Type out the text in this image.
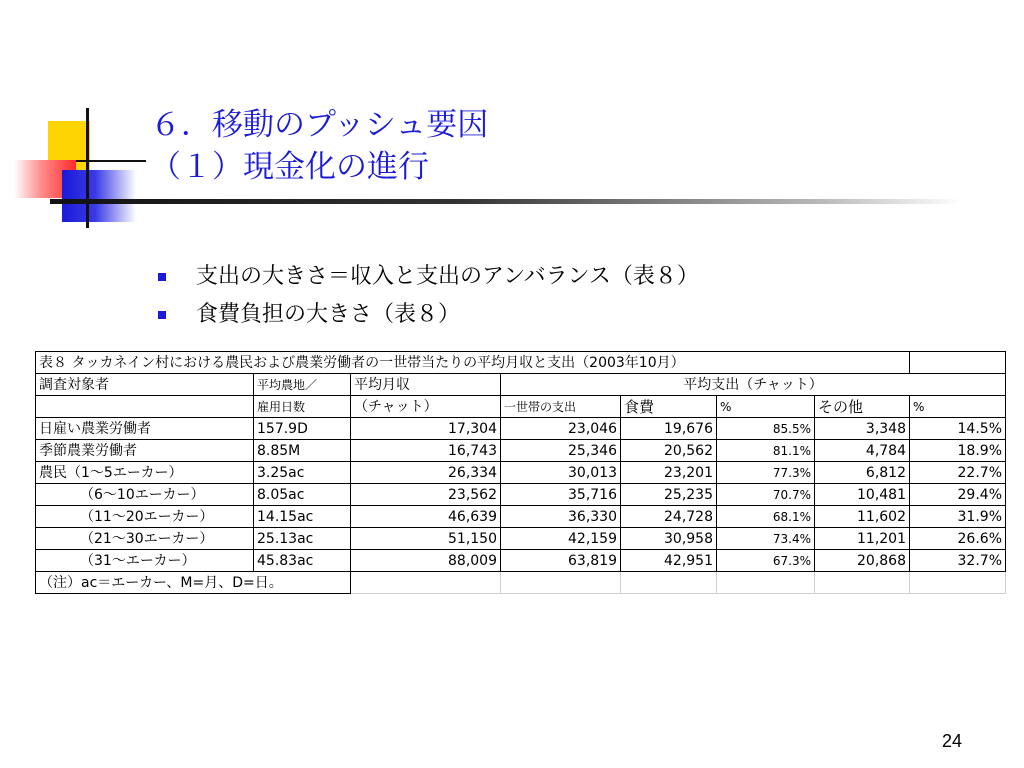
６．移動のプッシュ要因
（１）現金化の進行
支出の大きさ＝収入と支出のアンバランス（表８）
食費負担の大きさ（表８）
表８ タッカネイン村における農民および農業労働者の一世帯当たりの平均月収と支出（2003年10月）							
調査対象者	平均農地／	平均月収	平均支出（チャット）				
	雇用日数	（チャット）	一世帯の支出	食費	%	その他	%
日雇い農業労働者	157.9D	17,304	23,046	19,676	85.5%	3,348	14.5%
季節農業労働者	8.85M	16,743	25,346	20,562	81.1%	4,784	18.9%
農民（1～5エーカー）	3.25ac	26,334	30,013	23,201	77.3%	6,812	22.7%
（6～10エーカー）	8.05ac	23,562	35,716	25,235	70.7%	10,481	29.4%
（11～20エーカー）	14.15ac	46,639	36,330	24,728	68.1%	11,602	31.9%
（21～30エーカー）	25.13ac	51,150	42,159	30,958	73.4%	11,201	26.6%
（31～エーカー）	45.83ac	88,009	63,819	42,951	67.3%	20,868	32.7%
（注）ac＝エーカー、M=月、D=日。							
24
